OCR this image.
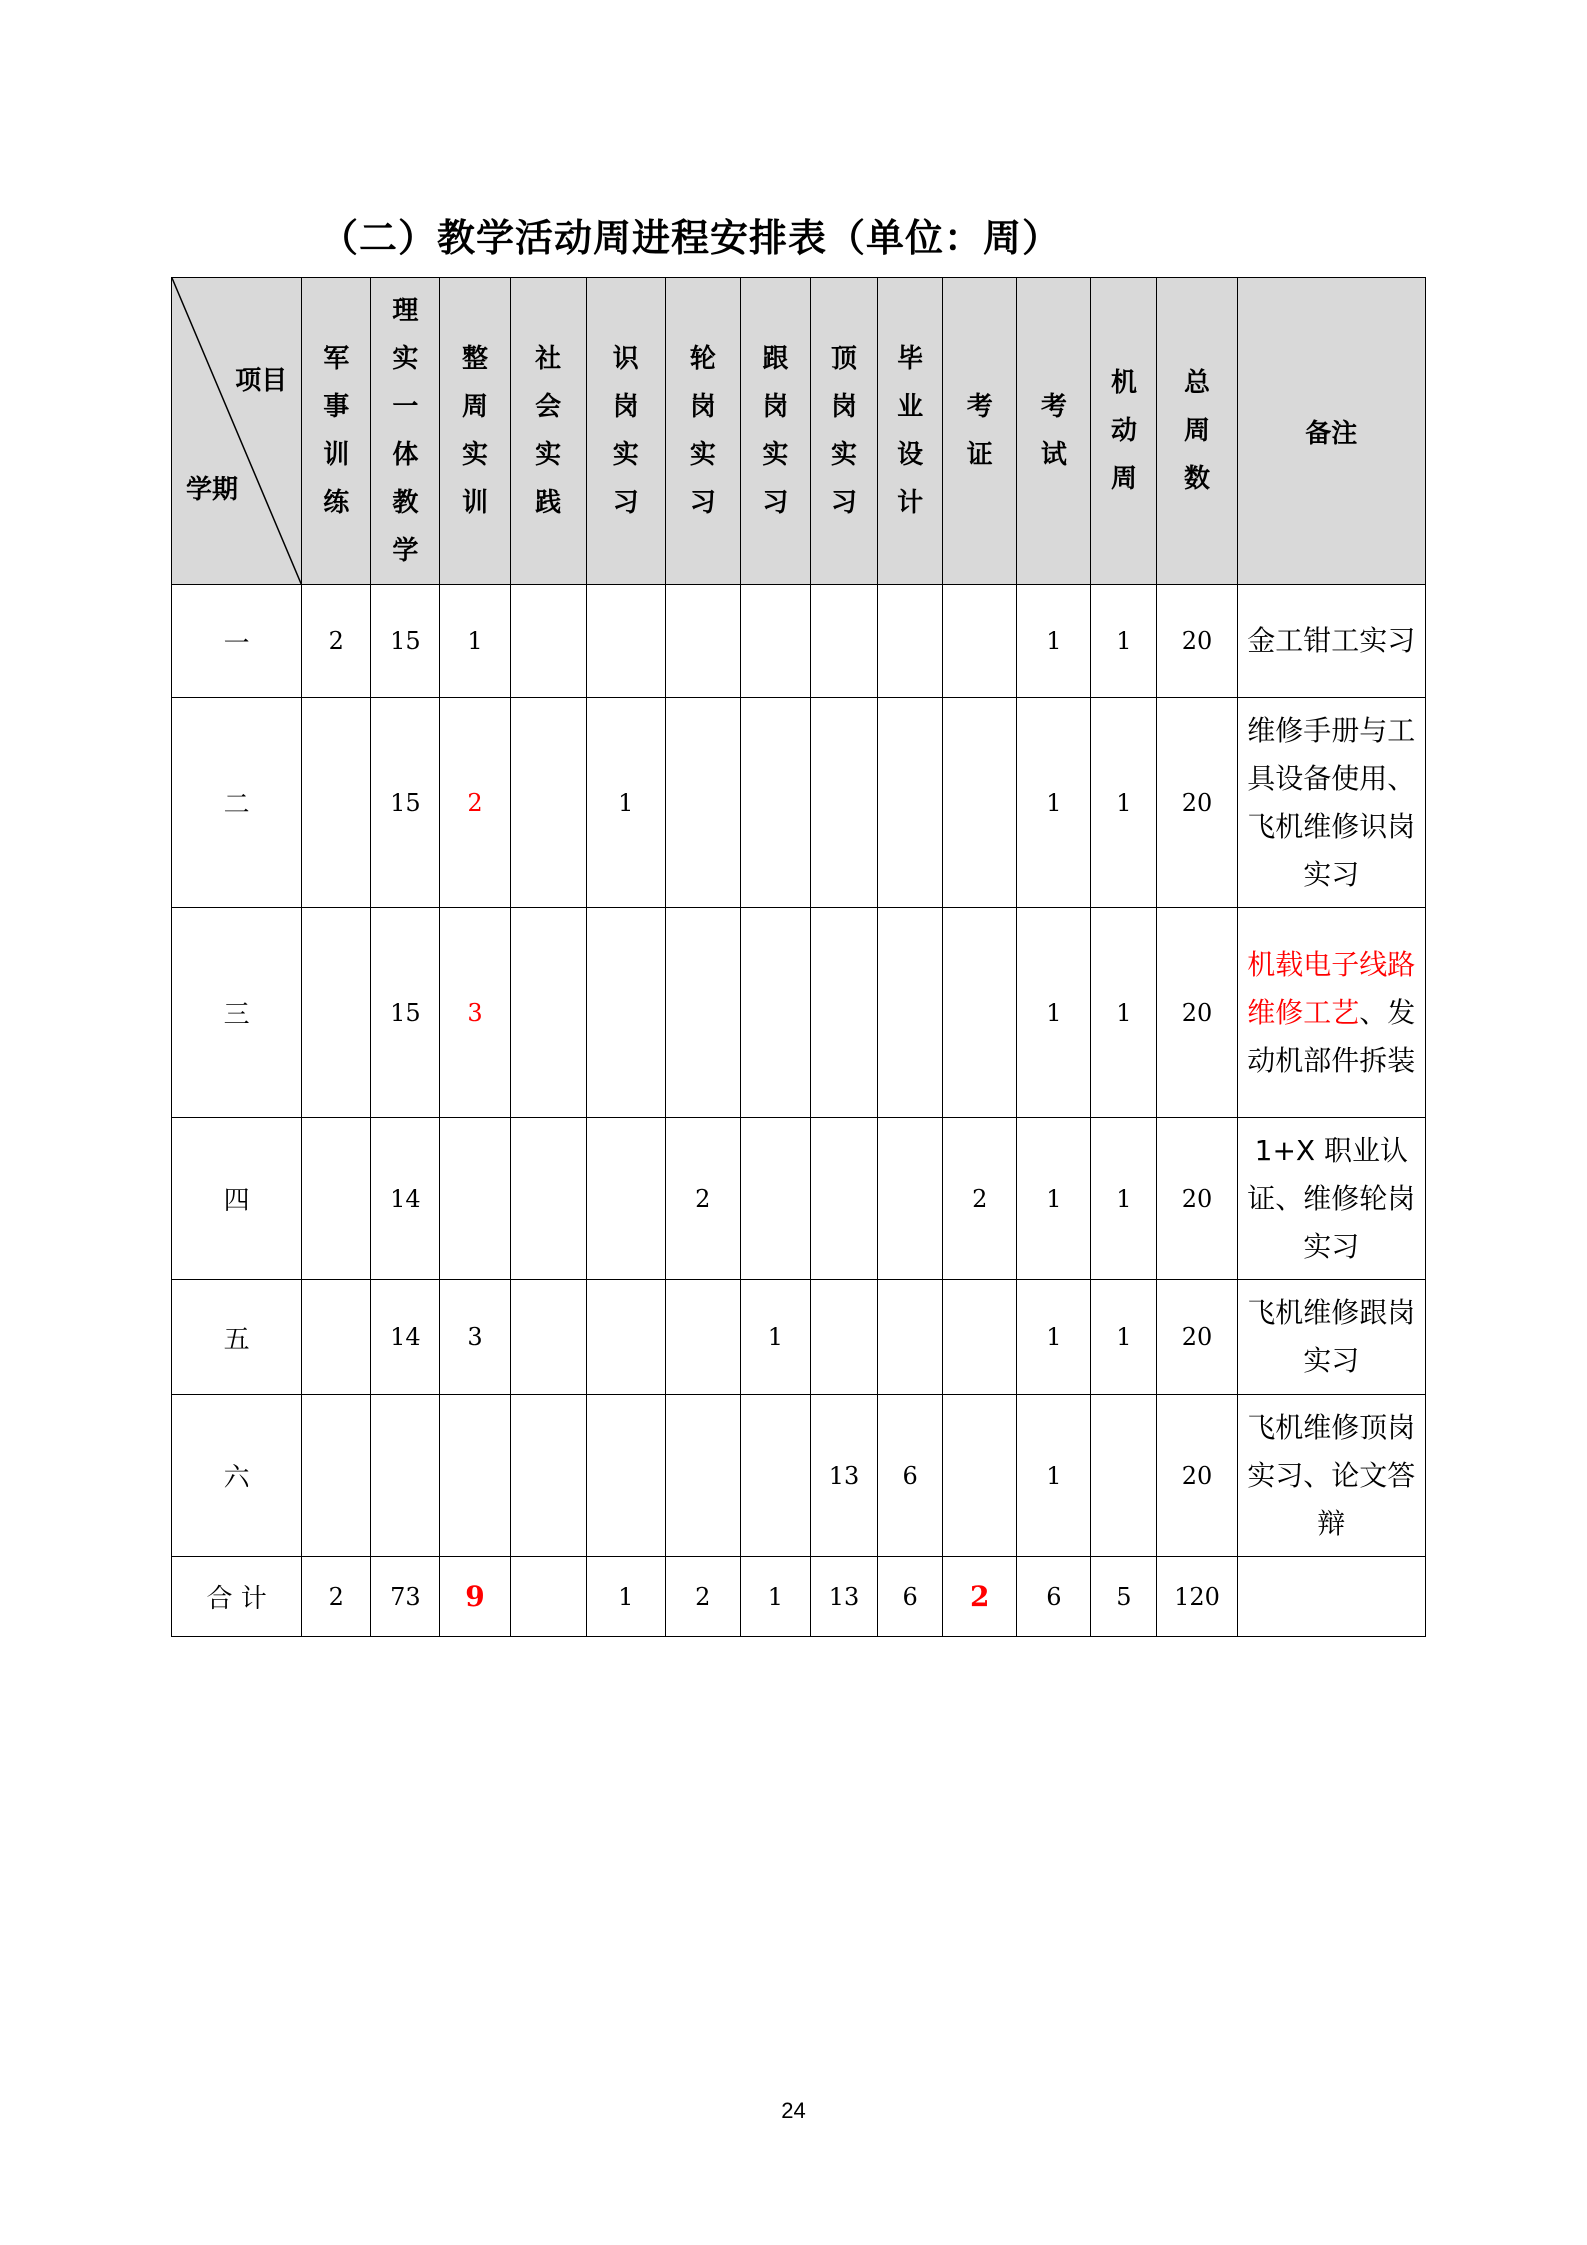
（二）教学活动周进程安排表（单位：周）
项目
学期	军事训练	理实一体教学	整周实训	社会实践	识岗实习	轮岗实习	跟岗实习	顶岗实习	毕业设计	考证	考试	机动周	总周数	备注
一	2	15	1								1	1	20	金工钳工实习
二		15	2		1						1	1	20	维修手册与工具设备使用、飞机维修识岗实习
三		15	3								1	1	20	机载电子线路维修工艺、发动机部件拆装
四		14				2				2	1	1	20	1+X 职业认证、维修轮岗实习
五		14	3				1				1	1	20	飞机维修跟岗实习
六								13	6		1		20	飞机维修顶岗实习、论文答辩
合 计	2	73	9		1	2	1	13	6	2	6	5	120	
24
